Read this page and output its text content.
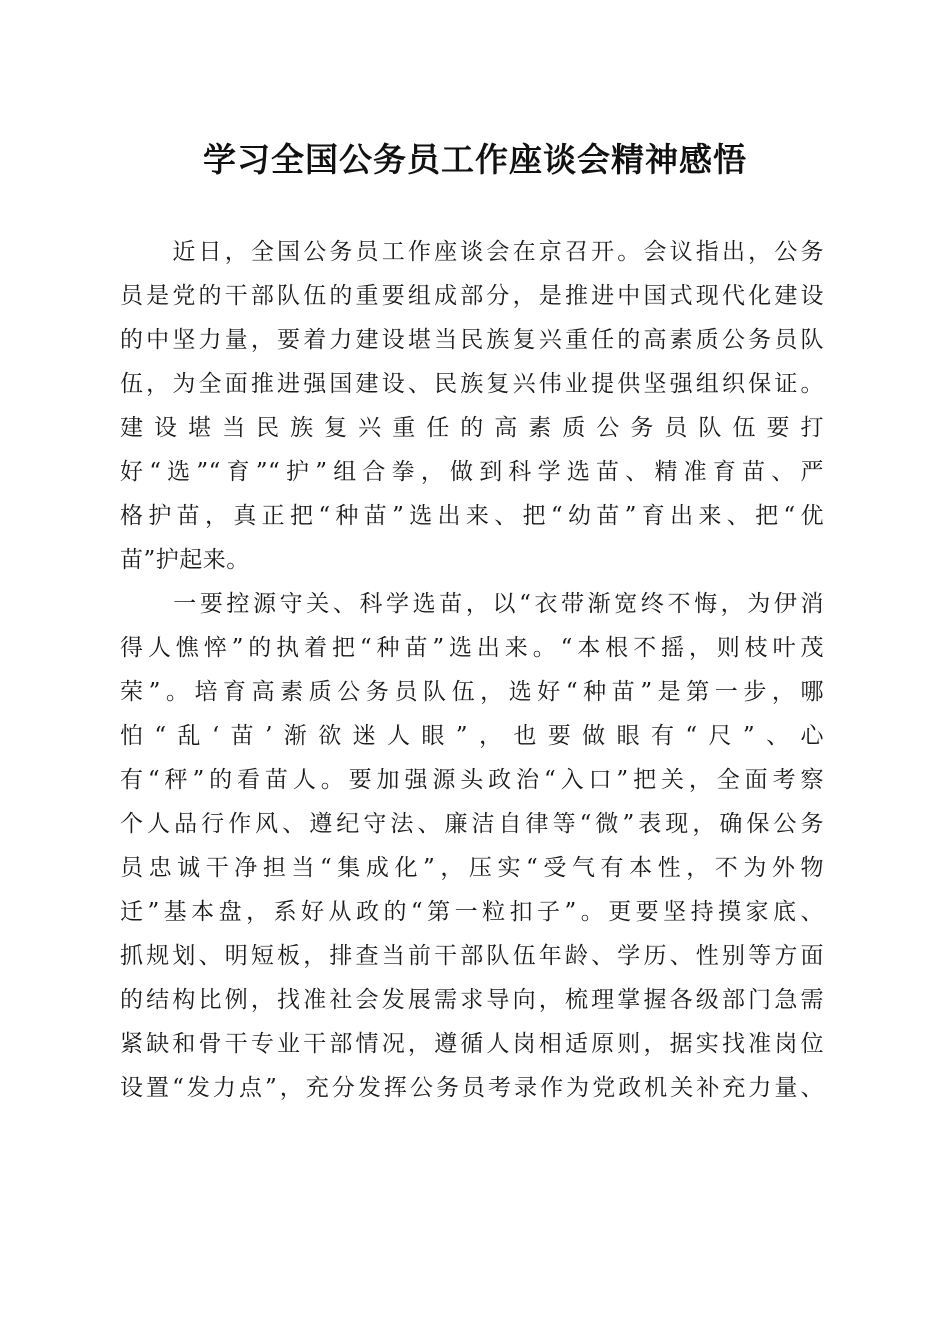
学习全国公务员工作座谈会精神感悟
　　近日，全国公务员工作座谈会在京召开。会议指出，公务
员是党的干部队伍的重要组成部分，是推进中国式现代化建设
的中坚力量，要着力建设堪当民族复兴重任的高素质公务员队
伍，为全面推进强国建设、民族复兴伟业提供坚强组织保证。
建设堪当民族复兴重任的高素质公务员队伍要打
好“选”“育”“护”组合拳，做到科学选苗、精准育苗、严
格护苗，真正把“种苗”选出来、把“幼苗”育出来、把“优
苗”护起来。
　　一要控源守关、科学选苗，以“衣带渐宽终不悔，为伊消
得人憔悴”的执着把“种苗”选出来。“本根不摇，则枝叶茂
荣”。培育高素质公务员队伍，选好“种苗”是第一步，哪
怕“乱‘苗’渐欲迷人眼”，也要做眼有“尺”、心
有“秤”的看苗人。要加强源头政治“入口”把关，全面考察
个人品行作风、遵纪守法、廉洁自律等“微”表现，确保公务
员忠诚干净担当“集成化”，压实“受气有本性，不为外物
迁”基本盘，系好从政的“第一粒扣子”。更要坚持摸家底、
抓规划、明短板，排查当前干部队伍年龄、学历、性别等方面
的结构比例，找准社会发展需求导向，梳理掌握各级部门急需
紧缺和骨干专业干部情况，遵循人岗相适原则，据实找准岗位
设置“发力点”，充分发挥公务员考录作为党政机关补充力量、
